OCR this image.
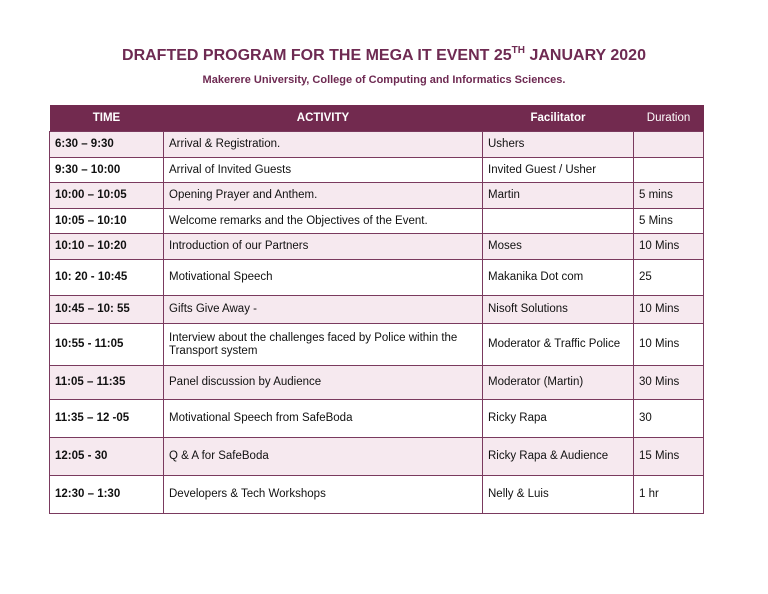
DRAFTED PROGRAM FOR THE MEGA IT EVENT 25TH JANUARY 2020
Makerere University, College of Computing and Informatics Sciences.
TIME	ACTIVITY	Facilitator	Duration
6:30 – 9:30	Arrival & Registration.	Ushers	
9:30 – 10:00	Arrival of Invited Guests	Invited Guest / Usher	
10:00 – 10:05	Opening Prayer and Anthem.	Martin	5 mins
10:05 – 10:10	Welcome remarks and the Objectives of the Event.		5 Mins
10:10 – 10:20	Introduction of our Partners	Moses	10 Mins
10: 20 - 10:45	Motivational Speech	Makanika Dot com	25
10:45 – 10: 55	Gifts Give Away -	Nisoft Solutions	10 Mins
10:55 - 11:05	Interview about the challenges faced by Police within the Transport system	Moderator & Traffic Police	10 Mins
11:05 – 11:35	Panel discussion by Audience	Moderator (Martin)	30 Mins
11:35 – 12 -05	Motivational Speech from SafeBoda	Ricky Rapa	30
12:05 - 30	Q & A for SafeBoda	Ricky Rapa & Audience	15 Mins
12:30 – 1:30	Developers & Tech Workshops	Nelly & Luis	1 hr
